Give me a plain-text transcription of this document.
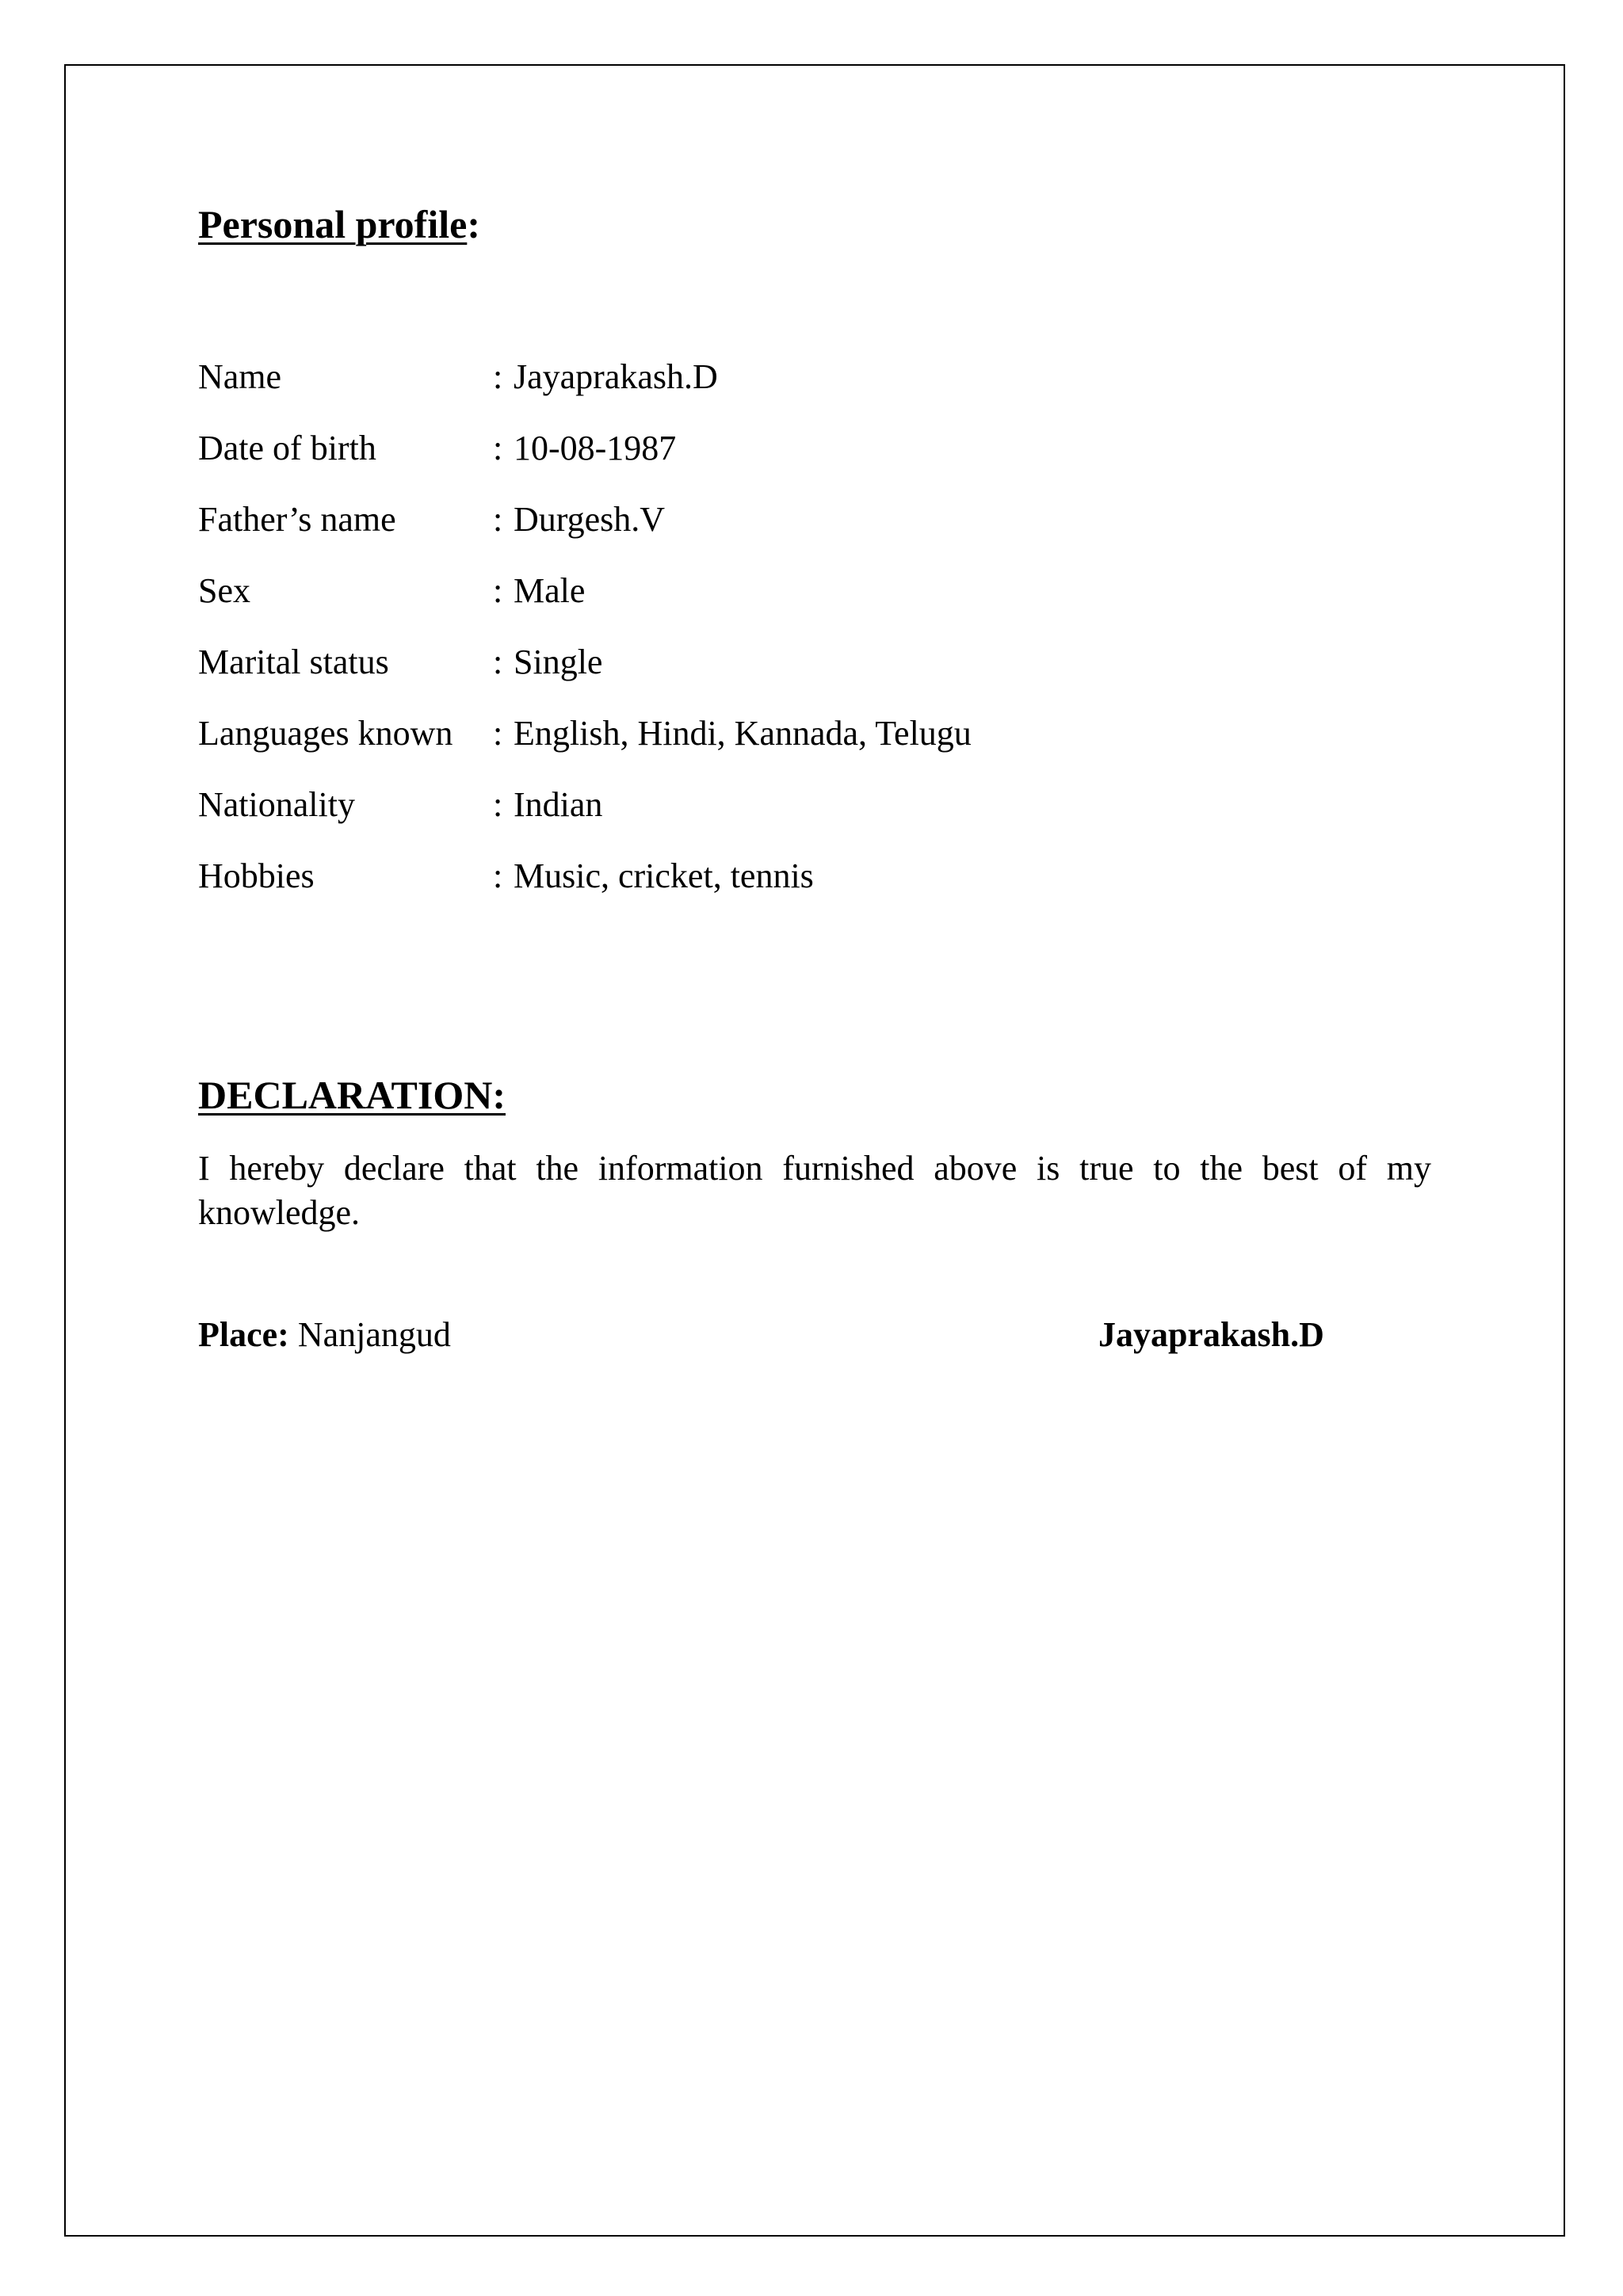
Personal profile:
Name	: Jayaprakash.D
Date of birth	: 10-08-1987
Father’s name	: Durgesh.V
Sex	: Male
Marital status	: Single
Languages known : English, Hindi, Kannada, Telugu
Nationality	: Indian
Hobbies	: Music, cricket, tennis
DECLARATION:

I hereby declare that the information furnished above is true to the best of my knowledge.

Place: Nanjangud	Jayaprakash.D
